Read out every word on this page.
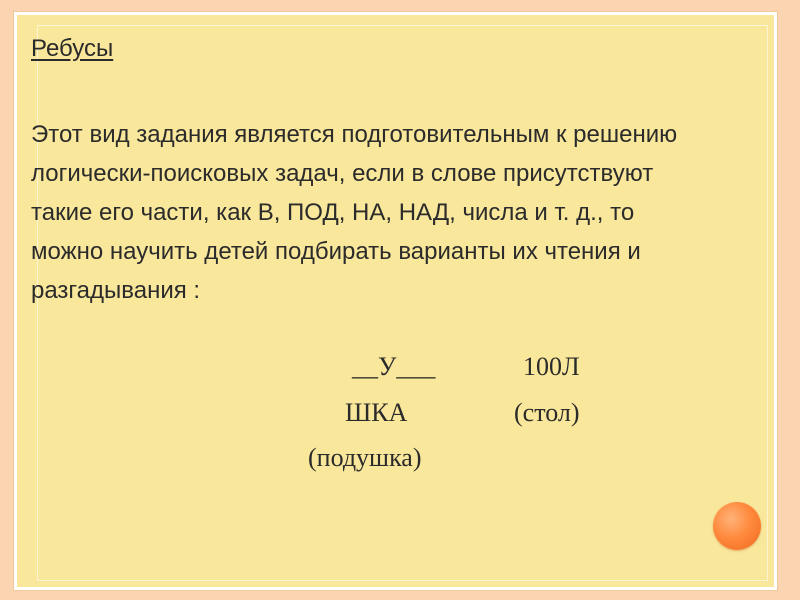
Ребусы

Этот вид задания является подготовительным к решению логически-поисковых задач, если в слове присутствуют такие его части, как В, ПОД, НА, НАД, числа и т. д., то можно научить детей подбирать варианты их чтения и разгадывания :

__У___	100Л
ШКА	(стол)
(подушка)
